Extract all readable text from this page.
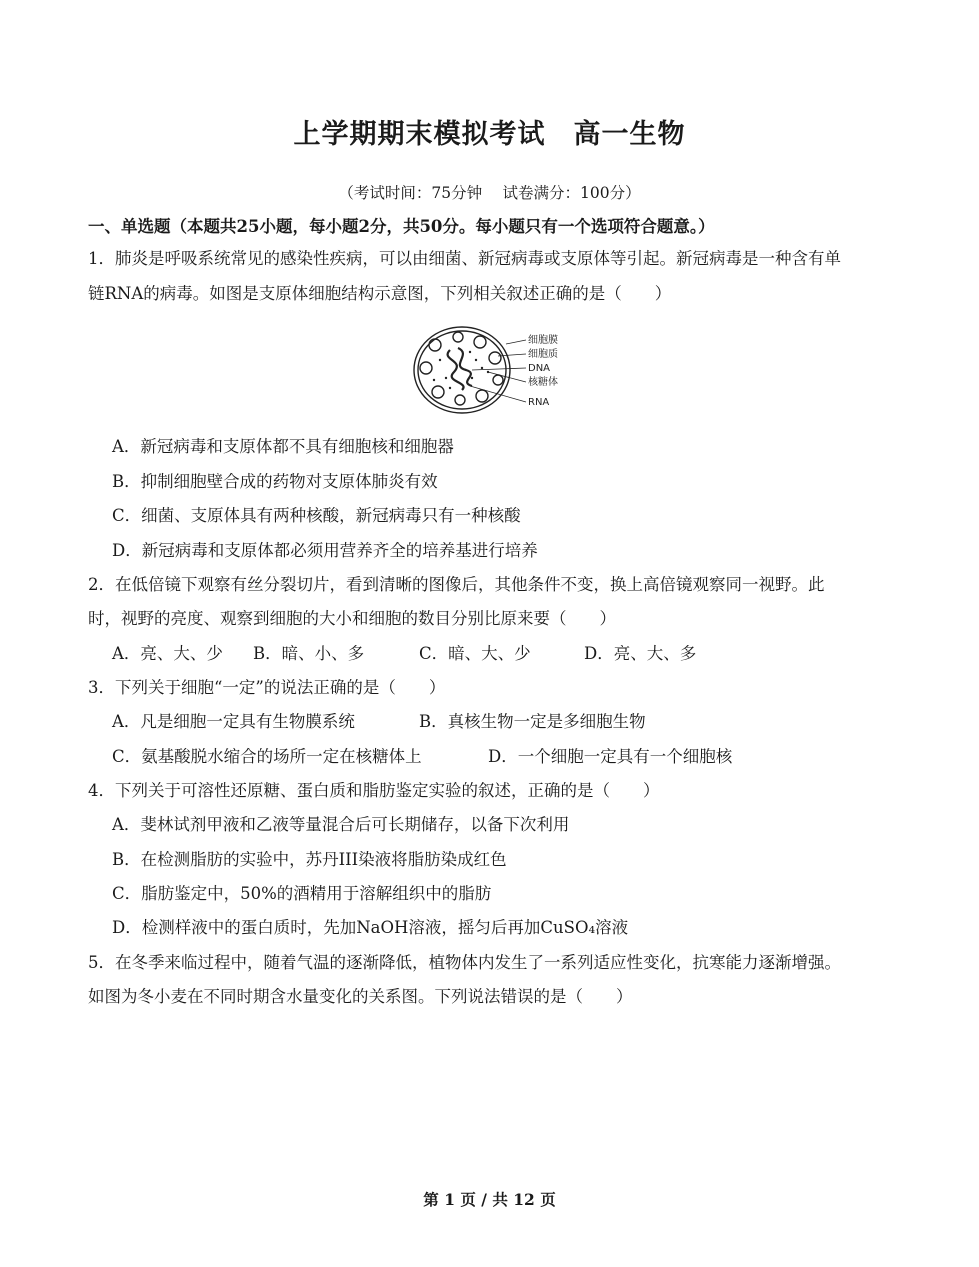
上学期期末模拟考试　高一生物
（考试时间：75分钟　 试卷满分：100分）
一、单选题（本题共25小题，每小题2分，共50分。每小题只有一个选项符合题意。）
1．肺炎是呼吸系统常见的感染性疾病，可以由细菌、新冠病毒或支原体等引起。新冠病毒是一种含有单
链RNA的病毒。如图是支原体细胞结构示意图，下列相关叙述正确的是（　　）
细胞膜
细胞质
DNA
核糖体
RNA
A．新冠病毒和支原体都不具有细胞核和细胞器
B．抑制细胞壁合成的药物对支原体肺炎有效
C．细菌、支原体具有两种核酸，新冠病毒只有一种核酸
D．新冠病毒和支原体都必须用营养齐全的培养基进行培养
2．在低倍镜下观察有丝分裂切片，看到清晰的图像后，其他条件不变，换上高倍镜观察同一视野。此
时，视野的亮度、观察到细胞的大小和细胞的数目分别比原来要（　　）
A．亮、大、少 B．暗、小、多	C．暗、大、少	D．亮、大、多
3．下列关于细胞“一定”的说法正确的是（　　）
A．凡是细胞一定具有生物膜系统	B．真核生物一定是多细胞生物
C．氨基酸脱水缩合的场所一定在核糖体上	D．一个细胞一定具有一个细胞核
4．下列关于可溶性还原糖、蛋白质和脂肪鉴定实验的叙述，正确的是（　　）
A．斐林试剂甲液和乙液等量混合后可长期储存，以备下次利用
B．在检测脂肪的实验中，苏丹III染液将脂肪染成红色
C．脂肪鉴定中，50%的酒精用于溶解组织中的脂肪
D．检测样液中的蛋白质时，先加NaOH溶液，摇匀后再加CuSO₄溶液
5．在冬季来临过程中，随着气温的逐渐降低，植物体内发生了一系列适应性变化，抗寒能力逐渐增强。
如图为冬小麦在不同时期含水量变化的关系图。下列说法错误的是（　　）
第 1 页 / 共 12 页
